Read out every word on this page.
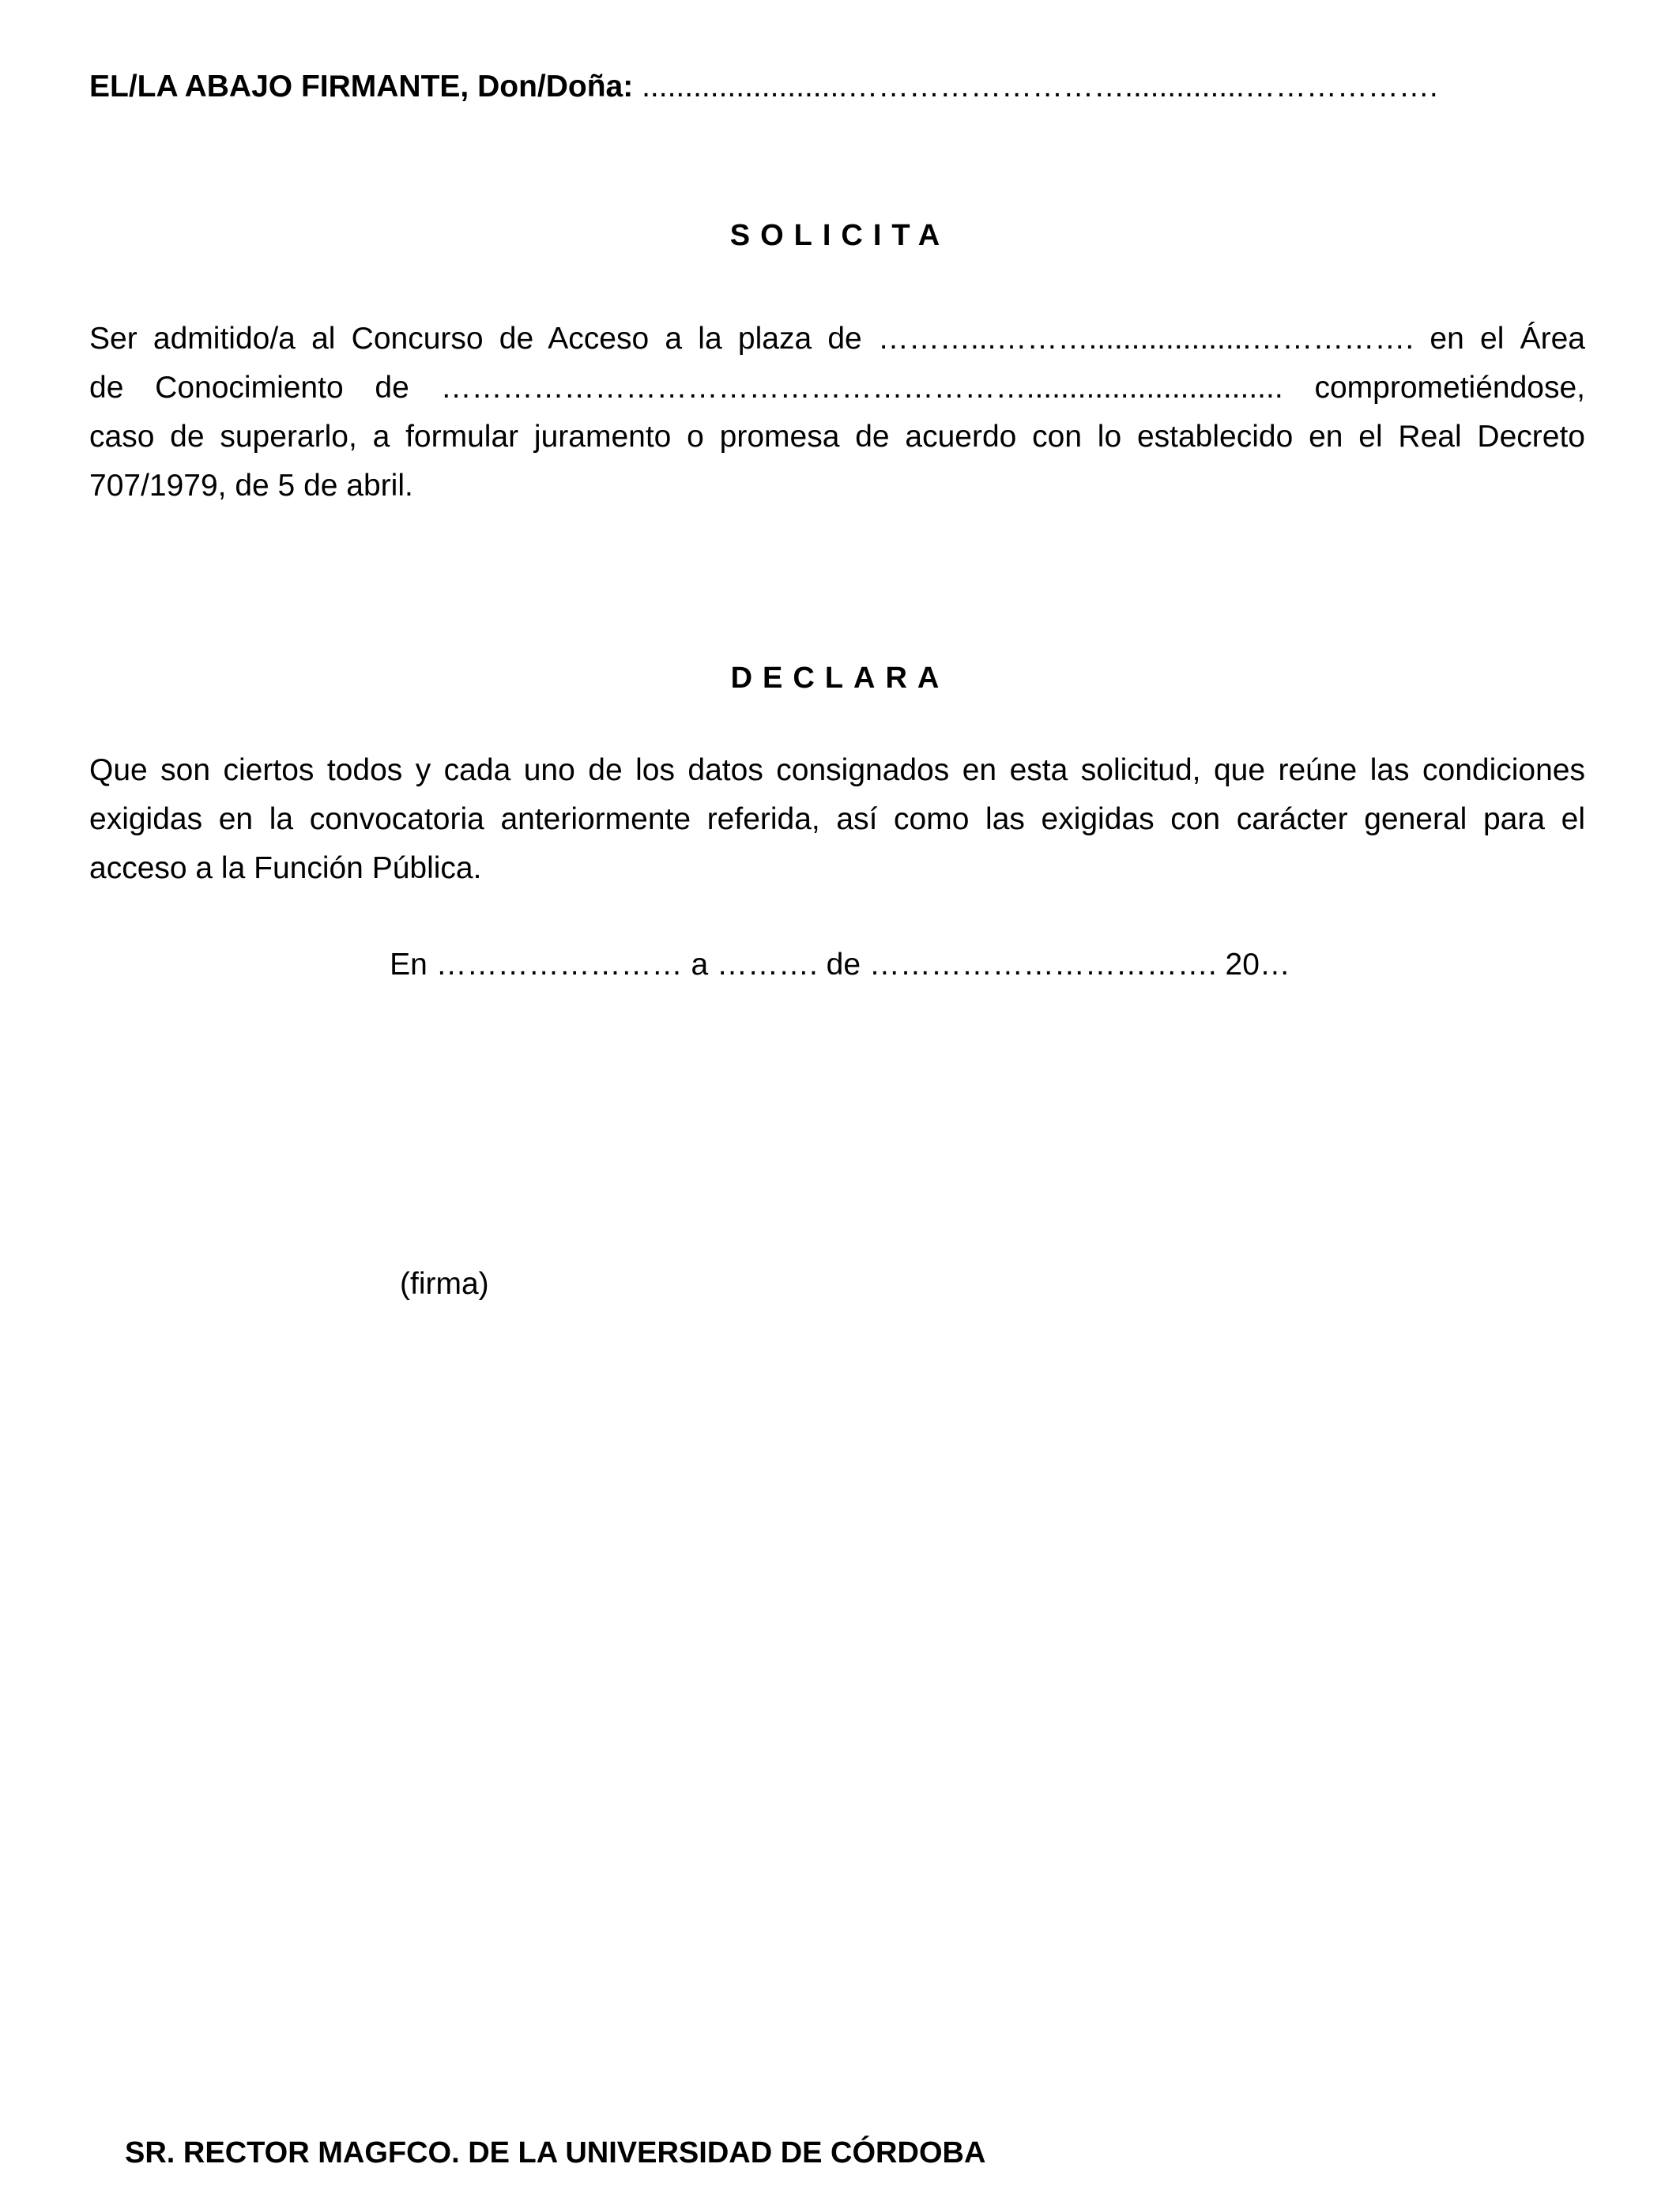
EL/LA ABAJO FIRMANTE, Don/Doña: ........................………………………..............……………….

SOLICITA

Ser admitido/a al Concurso de Acceso a la plaza de ………...………...................……………. en el Área
de Conocimiento de ………………………………………………….............................. comprometiéndose,
caso de superarlo, a formular juramento o promesa de acuerdo con lo establecido en el Real Decreto
707/1979, de 5 de abril.

DECLARA

Que son ciertos todos y cada uno de los datos consignados en esta solicitud, que reúne las condiciones
exigidas en la convocatoria anteriormente referida, así como las exigidas con carácter general para el
acceso a la Función Pública.

En …………………… a ………. de ……………………………. 20…

(firma)

SR. RECTOR MAGFCO. DE LA UNIVERSIDAD DE CÓRDOBA
